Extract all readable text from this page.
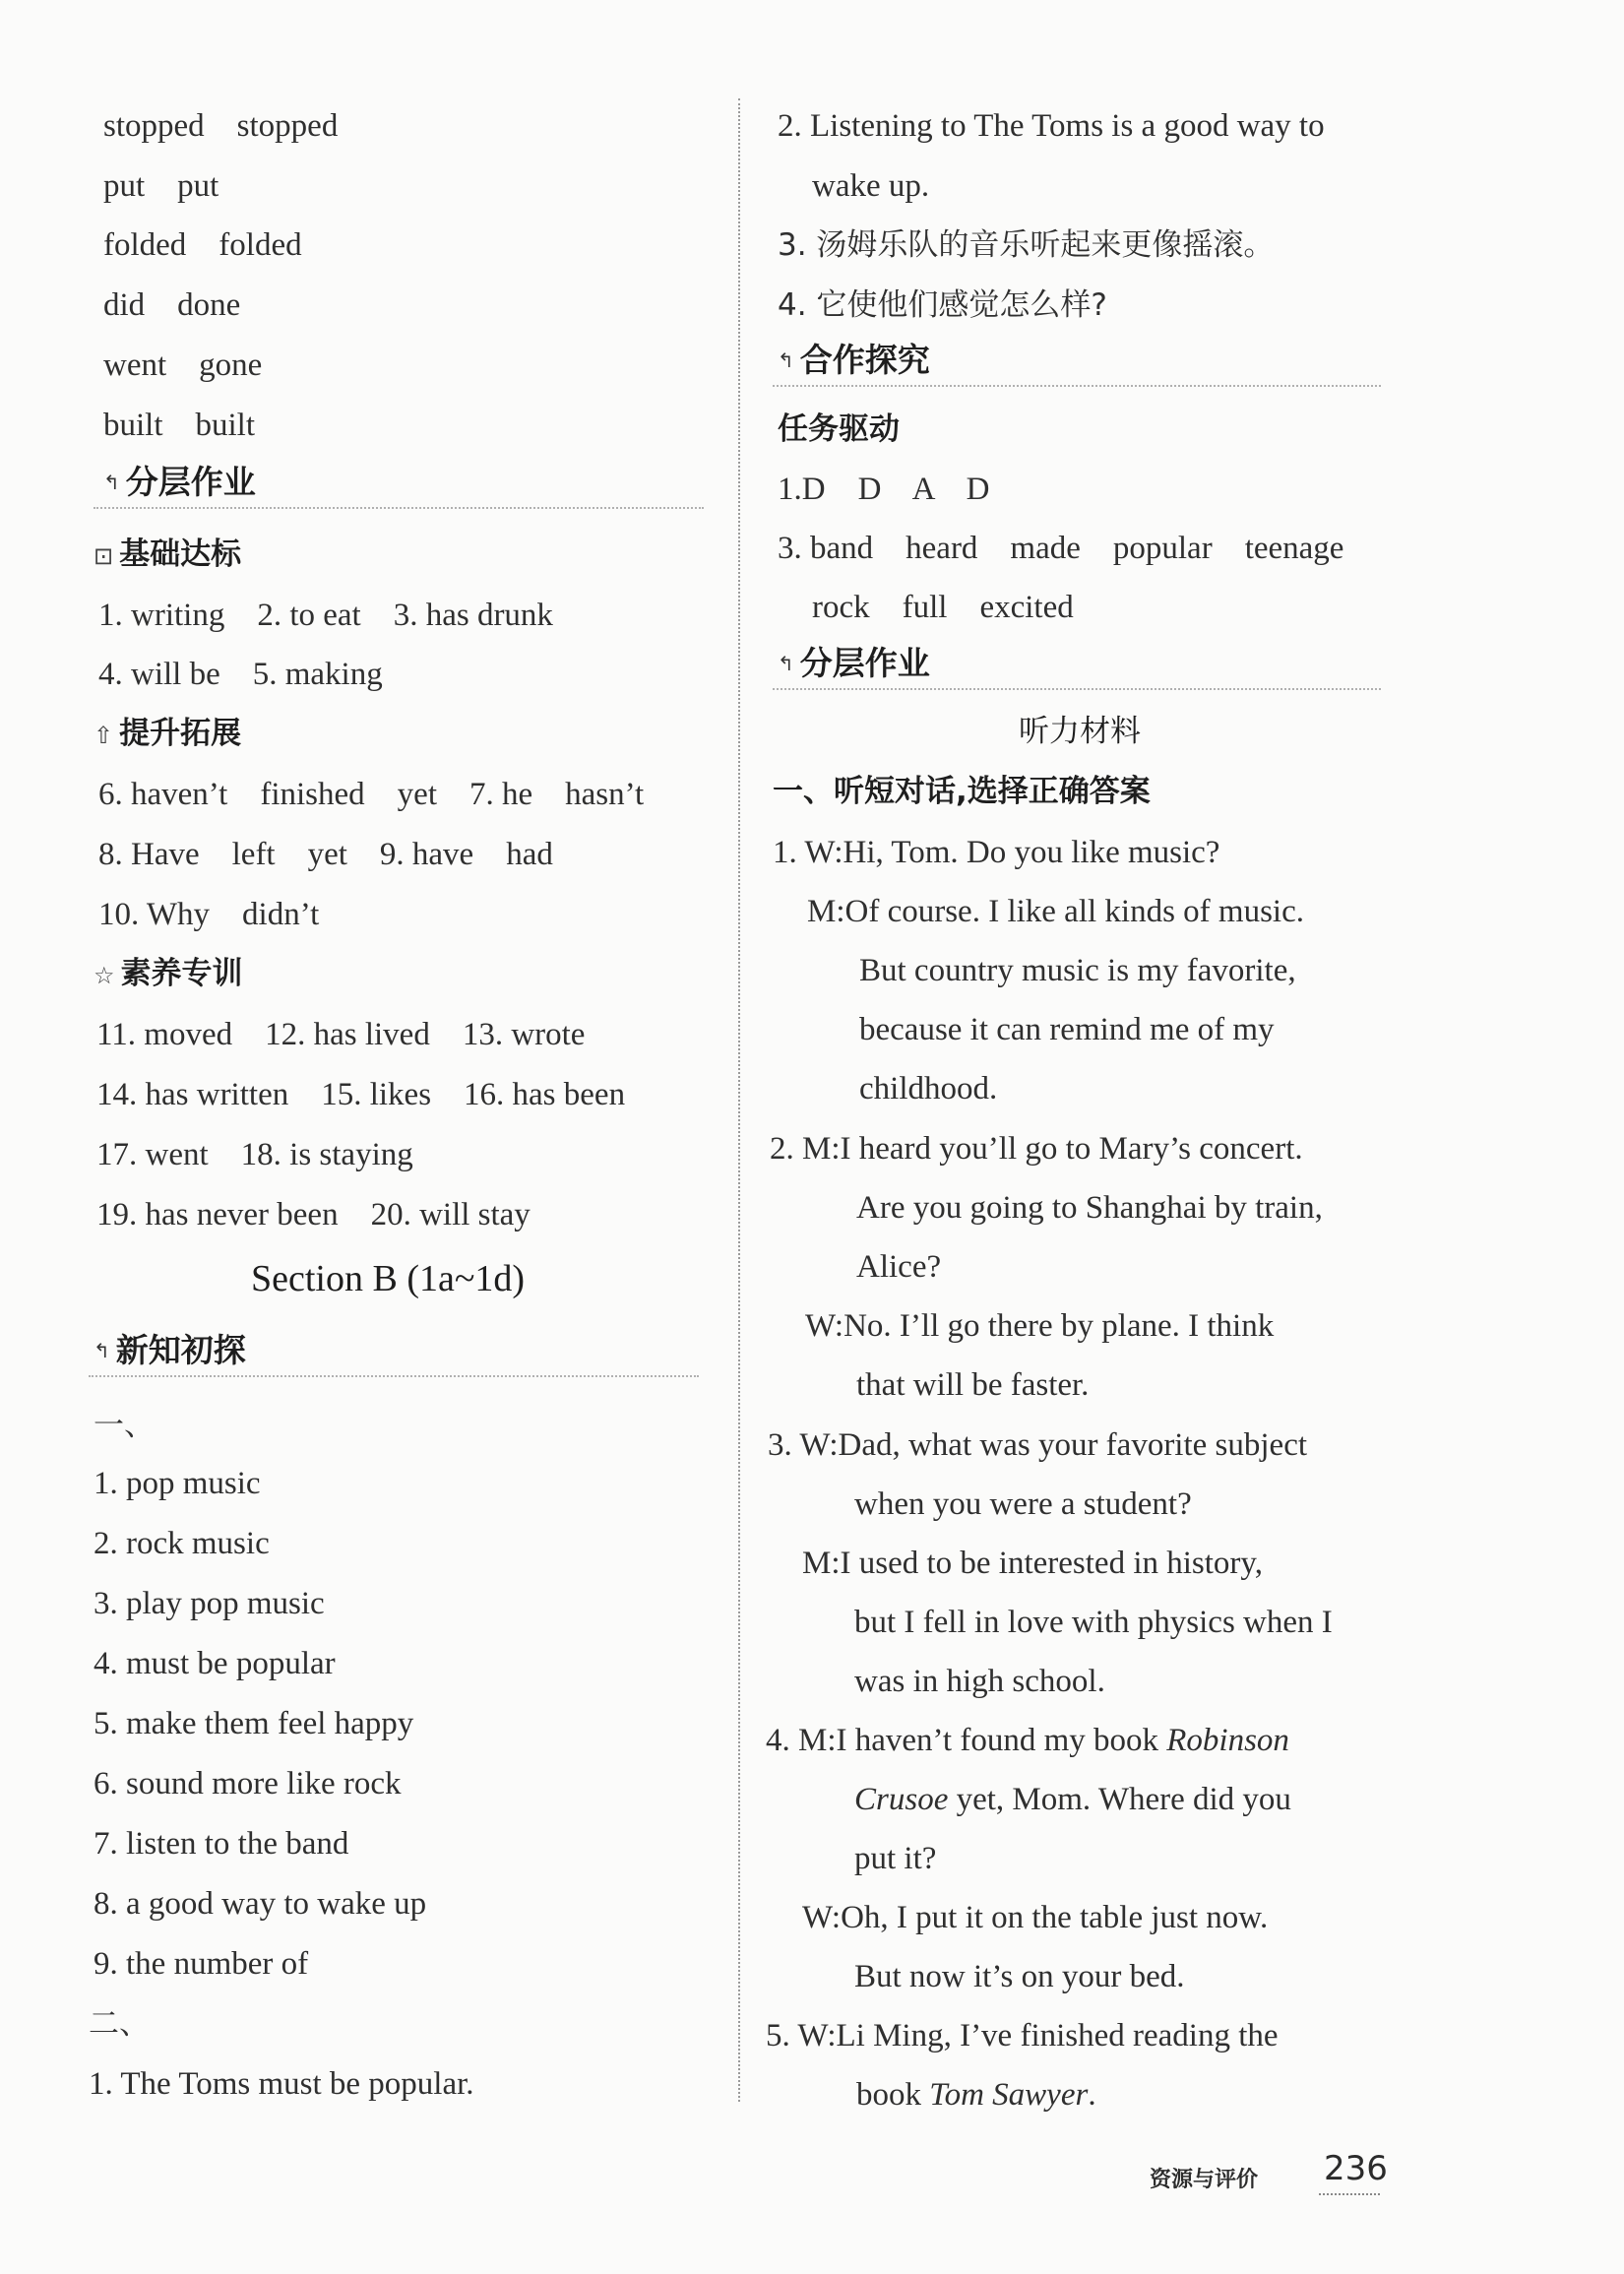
stopped    stopped
put    put
folded    folded
did    done
went    gone
built    built
↰ 分层作业
⊡ 基础达标
1. writing    2. to eat    3. has drunk
4. will be    5. making
⇧ 提升拓展
6. haven’t    finished    yet    7. he    hasn’t
8. Have    left    yet    9. have    had
10. Why    didn’t
☆ 素养专训
11. moved    12. has lived    13. wrote
14. has written    15. likes    16. has been
17. went    18. is staying
19. has never been    20. will stay
Section B (1a~1d)
↰ 新知初探
一、
1. pop music
2. rock music
3. play pop music
4. must be popular
5. make them feel happy
6. sound more like rock
7. listen to the band
8. a good way to wake up
9. the number of
二、
1. The Toms must be popular.
2. Listening to The Toms is a good way to
wake up.
3. 汤姆乐队的音乐听起来更像摇滚。
4. 它使他们感觉怎么样?
↰ 合作探究
任务驱动
1.D    D    A    D
3. band    heard    made    popular    teenage
rock    full    excited
↰ 分层作业
听力材料
一、听短对话,选择正确答案
1. W:Hi, Tom. Do you like music?
M:Of course. I like all kinds of music.
But country music is my favorite,
because it can remind me of my
childhood.
2. M:I heard you’ll go to Mary’s concert.
Are you going to Shanghai by train,
Alice?
W:No. I’ll go there by plane. I think
that will be faster.
3. W:Dad, what was your favorite subject
when you were a student?
M:I used to be interested in history,
but I fell in love with physics when I
was in high school.
4. M:I haven’t found my book Robinson
Crusoe yet, Mom. Where did you
put it?
W:Oh, I put it on the table just now.
But now it’s on your bed.
5. W:Li Ming, I’ve finished reading the
book Tom Sawyer.
资源与评价 236
